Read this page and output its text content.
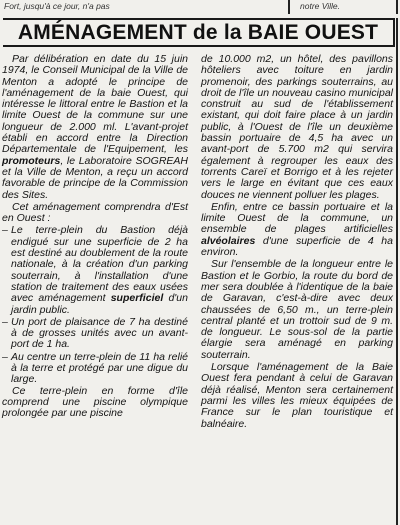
Fort, jusqu'à ce jour, n'a pas	notre Ville.
AMÉNAGEMENT de la BAIE OUEST

Par délibération en date du 15 juin 1974, le Conseil Municipal de la Ville de Menton a adopté le principe de l'aménagement de la baie Ouest, qui intéresse le littoral entre le Bastion et la limite Ouest de la commune sur une longueur de 2.000 ml. L'avant-projet établi en accord entre la Direction Départementale de l'Equipement, les promoteurs, le Laboratoire SOGREAH et la Ville de Menton, a reçu un accord favorable de principe de la Commission des Sites.

Cet aménagement comprendra d'Est en Ouest :

– Le terre-plein du Bastion déjà endigué sur une superficie de 2 ha est destiné au doublement de la route nationale, à la création d'un parking souterrain, à l'installation d'une station de traitement des eaux usées avec aménagement superficiel d'un jardin public.
– Un port de plaisance de 7 ha destiné à de grosses unités avec un avant-port de 1 ha.
– Au centre un terre-plein de 11 ha relié à la terre et protégé par une digue du large.

Ce terre-plein en forme d'île comprend une piscine olympique prolongée par une piscine

de 10.000 m2, un hôtel, des pavillons hôteliers avec toiture en jardin promenoir, des parkings souterrains, au droit de l'île un nouveau casino municipal construit au sud de l'établissement existant, qui doit faire place à un jardin public, à l'Ouest de l'île un deuxième bassin portuaire de 4,5 ha avec un avant-port de 5.700 m2 qui servira également à regrouper les eaux des torrents Careï et Borrigo et à les rejeter vers le large en évitant que ces eaux douces ne viennent polluer les plages.

Enfin, entre ce bassin portuaire et la limite Ouest de la commune, un ensemble de plages artificielles alvéolaires d'une superficie de 4 ha environ.

Sur l'ensemble de la longueur entre le Bastion et le Gorbio, la route du bord de mer sera doublée à l'identique de la baie de Garavan, c'est-à-dire avec deux chaussées de 6,50 m., un terre-plein central planté et un trottoir sud de 9 m. de longueur. Le sous-sol de la partie élargie sera aménagé en parking souterrain.

Lorsque l'aménagement de la Baie Ouest fera pendant à celui de Garavan déjà réalisé, Menton sera certainement parmi les villes les mieux équipées de France sur le plan touristique et balnéaire.
